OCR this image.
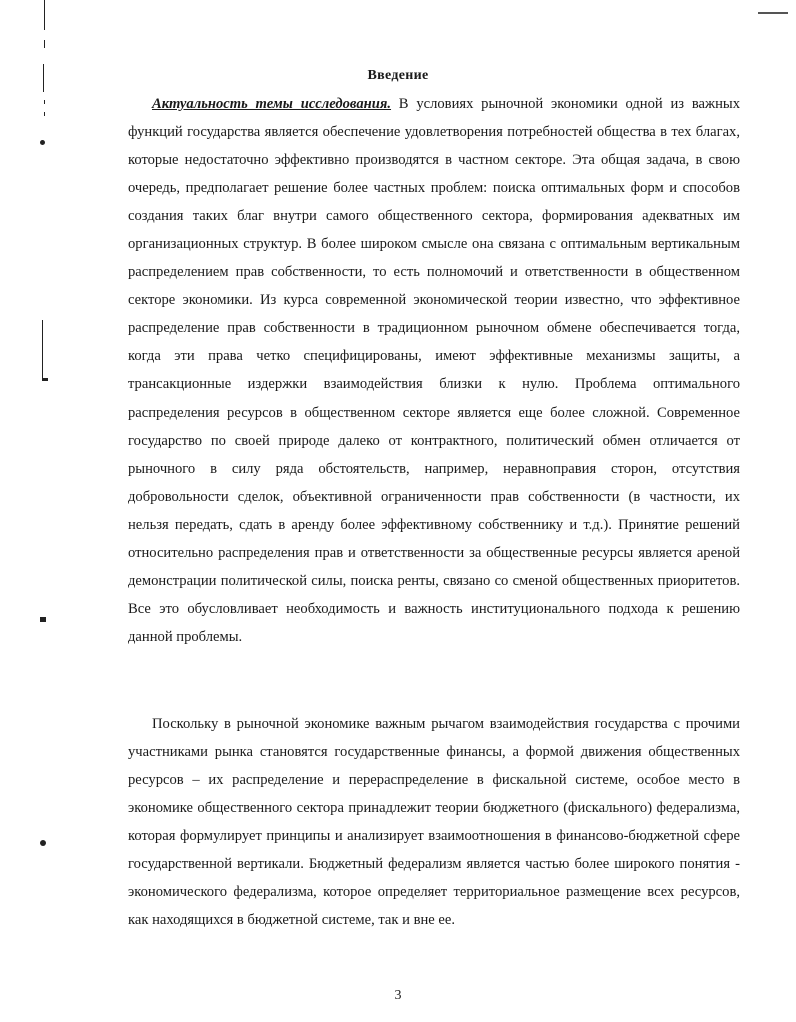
Введение
Актуальность темы исследования. В условиях рыночной экономики одной из важных функций государства является обеспечение удовлетворения потребностей общества в тех благах, которые недостаточно эффективно производятся в частном секторе. Эта общая задача, в свою очередь, предполагает решение более частных проблем: поиска оптимальных форм и способов создания таких благ внутри самого общественного сектора, формирования адекватных им организационных структур. В более широком смысле она связана с оптимальным вертикальным распределением прав собственности, то есть полномочий и ответственности в общественном секторе экономики. Из курса современной экономической теории известно, что эффективное распределение прав собственности в традиционном рыночном обмене обеспечивается тогда, когда эти права четко специфицированы, имеют эффективные механизмы защиты, а трансакционные издержки взаимодействия близки к нулю. Проблема оптимального распределения ресурсов в общественном секторе является еще более сложной. Современное государство по своей природе далеко от контрактного, политический обмен отличается от рыночного в силу ряда обстоятельств, например, неравноправия сторон, отсутствия добровольности сделок, объективной ограниченности прав собственности (в частности, их нельзя передать, сдать в аренду более эффективному собственнику и т.д.). Принятие решений относительно распределения прав и ответственности за общественные ресурсы является ареной демонстрации политической силы, поиска ренты, связано со сменой общественных приоритетов. Все это обусловливает необходимость и важность институционального подхода к решению данной проблемы.
Поскольку в рыночной экономике важным рычагом взаимодействия государства с прочими участниками рынка становятся государственные финансы, а формой движения общественных ресурсов – их распределение и перераспределение в фискальной системе, особое место в экономике общественного сектора принадлежит теории бюджетного (фискального) федерализма, которая формулирует принципы и анализирует взаимоотношения в финансово-бюджетной сфере государственной вертикали. Бюджетный федерализм является частью более широкого понятия - экономического федерализма, которое определяет территориальное размещение всех ресурсов, как находящихся в бюджетной системе, так и вне ее.
3
